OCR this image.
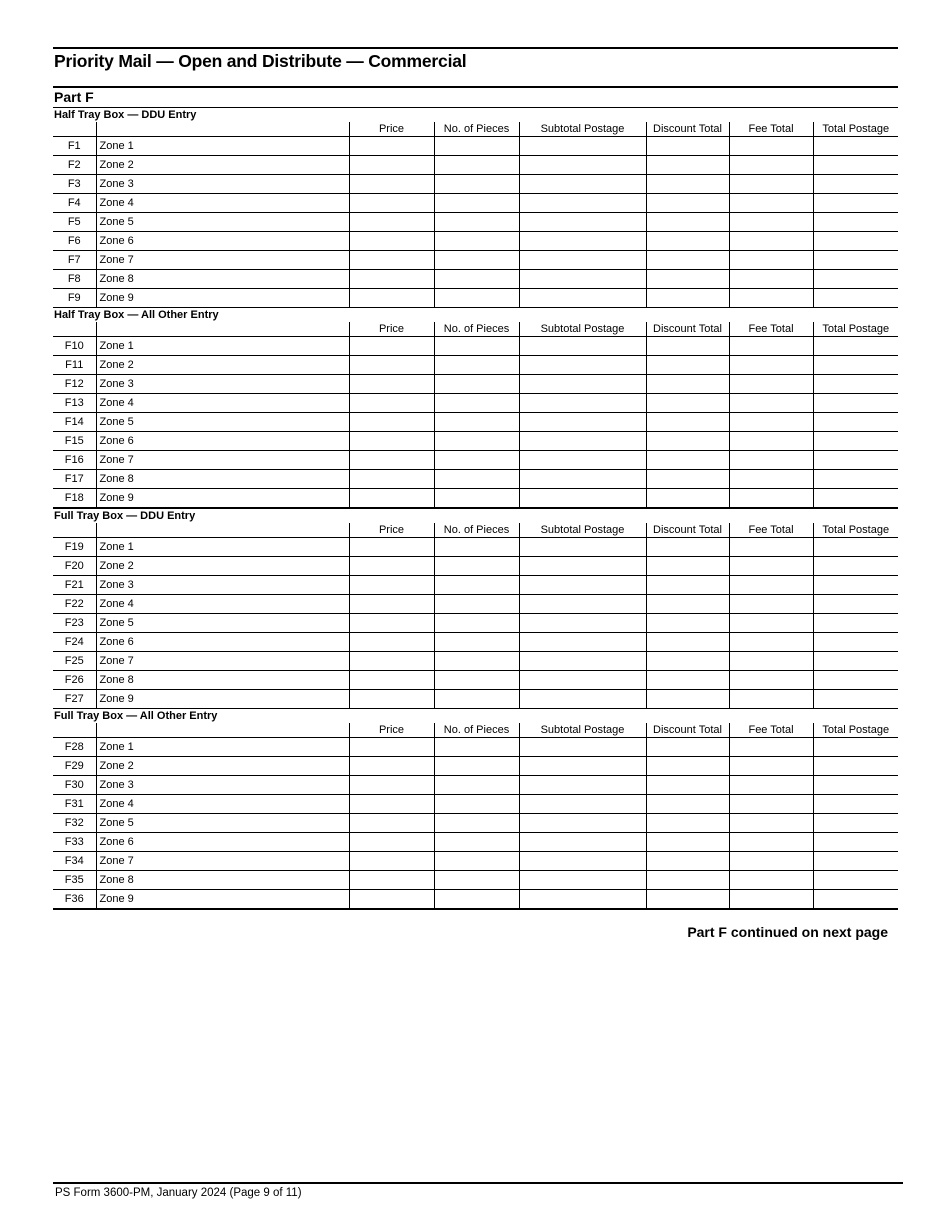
Priority Mail — Open and Distribute — Commercial
Part F
Half Tray Box — DDU Entry
		Price	No. of Pieces	Subtotal Postage	Discount Total	Fee Total	Total Postage
F1	Zone 1						
F2	Zone 2						
F3	Zone 3						
F4	Zone 4						
F5	Zone 5						
F6	Zone 6						
F7	Zone 7						
F8	Zone 8						
F9	Zone 9						
Half Tray Box — All Other Entry
		Price	No. of Pieces	Subtotal Postage	Discount Total	Fee Total	Total Postage
F10	Zone 1						
F11	Zone 2						
F12	Zone 3						
F13	Zone 4						
F14	Zone 5						
F15	Zone 6						
F16	Zone 7						
F17	Zone 8						
F18	Zone 9						
Full Tray Box — DDU Entry
		Price	No. of Pieces	Subtotal Postage	Discount Total	Fee Total	Total Postage
F19	Zone 1						
F20	Zone 2						
F21	Zone 3						
F22	Zone 4						
F23	Zone 5						
F24	Zone 6						
F25	Zone 7						
F26	Zone 8						
F27	Zone 9						
Full Tray Box — All Other Entry
		Price	No. of Pieces	Subtotal Postage	Discount Total	Fee Total	Total Postage
F28	Zone 1						
F29	Zone 2						
F30	Zone 3						
F31	Zone 4						
F32	Zone 5						
F33	Zone 6						
F34	Zone 7						
F35	Zone 8						
F36	Zone 9						
Part F continued on next page
PS Form 3600-PM, January 2024 (Page 9 of 11)
